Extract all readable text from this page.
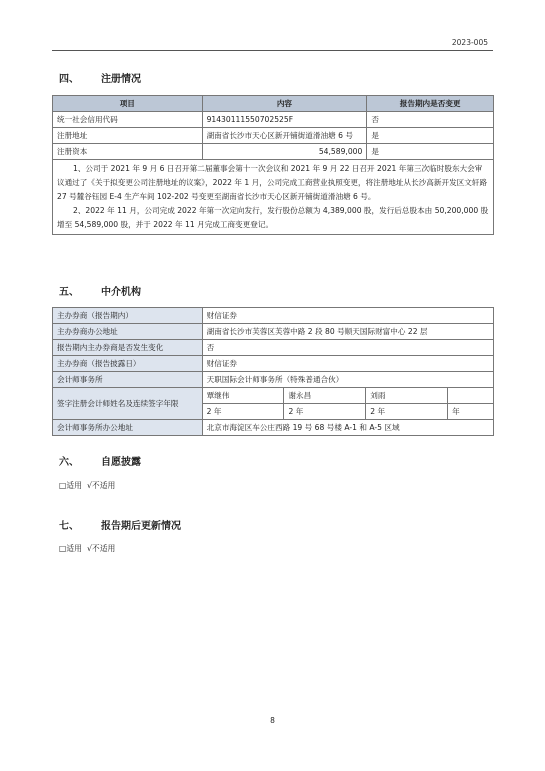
2023-005
四、 注册情况
项目	内容	报告期内是否变更
统一社会信用代码	91430111550702525F	否
注册地址	湖南省长沙市天心区新开铺街道滑油塘 6 号	是
注册资本	54,589,000	是

1、公司于 2021 年 9 月 6 日召开第二届董事会第十一次会议和 2021 年 9 月 22 日召开 2021 年第三次临时股东大会审议通过了《关于拟变更公司注册地址的议案》，2022 年 1 月，公司完成工商营业执照变更，将注册地址从长沙高新开发区文轩路 27 号麓谷钰园 E-4 生产车间 102-202 号变更至湖南省长沙市天心区新开铺街道滑油塘 6 号。

2、2022 年 11 月，公司完成 2022 年第一次定向发行，发行股份总额为 4,389,000 股，发行后总股本由 50,200,000 股增至 54,589,000 股，并于 2022 年 11 月完成工商变更登记。		

五、 中介机构
主办券商（报告期内）	财信证券			
主办券商办公地址	湖南省长沙市芙蓉区芙蓉中路 2 段 80 号顺天国际财富中心 22 层			
报告期内主办券商是否发生变化	否			
主办券商（报告披露日）	财信证券			
会计师事务所	天职国际会计师事务所（特殊普通合伙）			
签字注册会计师姓名及连续签字年限	覃继伟	谢永昌	刘雨	
	2 年	2 年	2 年	年
会计师事务所办公地址	北京市海淀区车公庄西路 19 号 68 号楼 A-1 和 A-5 区域			
六、 自愿披露
□适用 √不适用
七、 报告期后更新情况
□适用 √不适用
8
